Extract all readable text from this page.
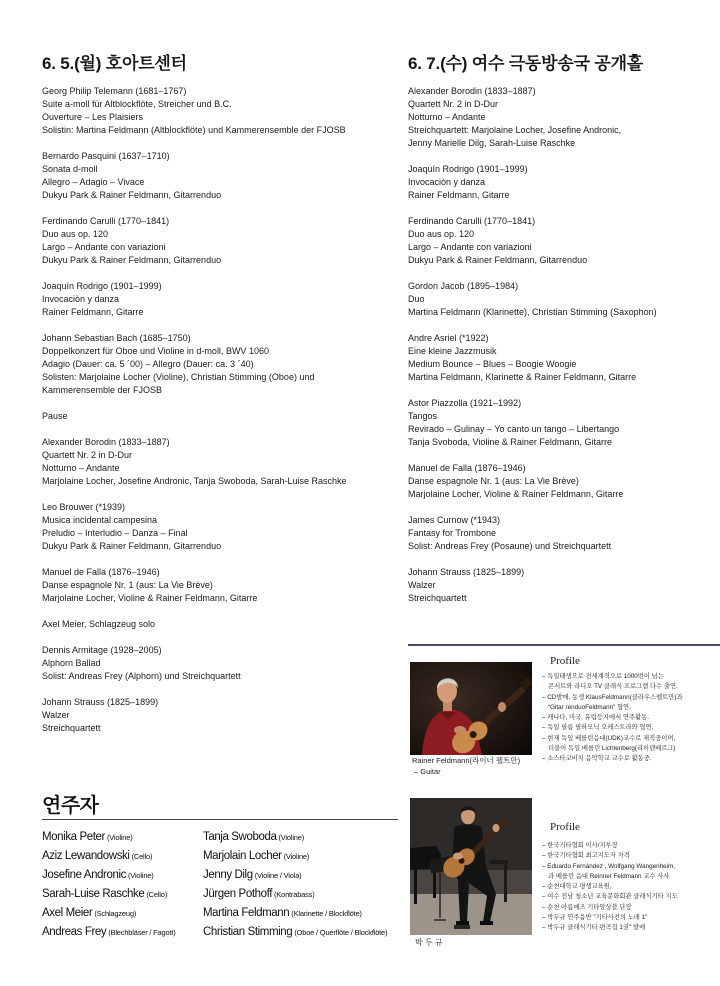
6. 5.(월) 호아트센터	6. 7.(수) 여수 극동방송국 공개홀
Georg Philip Telemann (1681–1767)
Suite a-moll für Altblockflöte, Streicher und B.C.
Ouverture – Les Plaisiers
Solistin: Martina Feldmann (Altblockflöte) und Kammerensemble der FJOSB
Bernardo Pasquini (1637–1710)
Sonata d-moll
Allegro – Adagio – Vivace
Dukyu Park & Rainer Feldmann, Gitarrenduo
Ferdinando Carulli (1770–1841)
Duo aus op. 120
Largo – Andante con variazioni
Dukyu Park & Rainer Feldmann, Gitarrenduo
Joaquín Rodrigo (1901–1999)
Invocaciòn y danza
Rainer Feldmann, Gitarre
Johann Sebastian Bach (1685–1750)
Doppelkonzert für Oboe und Violine in d-moll, BWV 1060
Adagio (Dauer: ca. 5 ´00) – Allegro (Dauer: ca. 3 ´40)
Solisten: Marjolaine Locher (Violine), Christian Stimming (Oboe) und
Kammerensemble der FJOSB
Pause
Alexander Borodin (1833–1887)
Quartett Nr. 2 in D-Dur
Notturno – Andante
Marjolaine Locher, Josefine Andronic, Tanja Swoboda, Sarah-Luise Raschke
Leo Brouwer (*1939)
Musica incidental campesina
Preludio – Interludio – Danza – Final
Dukyu Park & Rainer Feldmann, Gitarrenduo
Manuel de Falla (1876–1946)
Danse espagnole Nr. 1 (aus: La Vie Brève)
Marjolaine Locher, Violine & Rainer Feldmann, Gitarre
Axel Meier, Schlagzeug solo
Dennis Armitage (1928–2005)
Alphorn Ballad
Solist: Andreas Frey (Alphorn) und Streichquartett
Johann Strauss (1825–1899)
Walzer
Streichquartett
Alexander Borodin (1833–1887)
Quartett Nr. 2 in D-Dur
Notturno – Andante
Streichquartett: Marjolaine Locher, Josefine Andronic,
Jenny Marielle Dilg, Sarah-Luise Raschke
Joaquín Rodrigo (1901–1999)
Invocaciòn y danza
Rainer Feldmann, Gitarre
Ferdinando Carulli (1770–1841)
Duo aus op. 120
Largo – Andante con variazioni
Dukyu Park & Rainer Feldmann, Gitarrenduo
Gordon Jacob (1895–1984)
Duo
Martina Feldmann (Klarinette), Christian Stimming (Saxophon)
Andre Asriel (*1922)
Eine kleine Jazzmusik
Medium Bounce – Blues – Boogie Woogie
Martina Feldmann, Klarinette & Rainer Feldmann, Gitarre
Astor Piazzolla (1921–1992)
Tangos
Revirado – Gulinay – Yo canto un tango – Libertango
Tanja Svoboda, Violine & Rainer Feldmann, Gitarre
Manuel de Falla (1876–1946)
Danse espagnole Nr. 1 (aus: La Vie Brève)
Marjolaine Locher, Violine & Rainer Feldmann, Gitarre
James Curnow (*1943)
Fantasy for Trombone
Solist: Andreas Frey (Posaune) und Streichquartett
Johann Strauss (1825–1899)
Walzer
Streichquartett
Rainer Feldmann(라이너 펠트만)
– Guitar
Profile
– 독일태생으로 전세계적으로 1000번이 넘는
콘서트와 라디오 TV 클래식 프로그램 다수 출연.
– CD발매, 동생 KlausFeldmann(클라우스펠트만)과
“Gitar renduoFeldmann” 협연.
– 캐나다, 미국, 유럽등지에서 연주활동.
– 독일 필름 필하모닉 오케스트라와 협연.
– 현재 독일 베를린음대(UDK)교수로 재직중이며,
더불어 독일 베를린 Lichtenberg(리히텐베르그)
– 소스타코비치 음악학교 교수로 활동중.
박 두 규
Profile
– 한국기타협회 이사/지부장
– 한국기타협회 최고지도자 자격
– Eduardo Fernández , Wolfgang Wangenheim,
과 베를린 음대 Reinner Feldmann 교수 사사
– 순천대학교 평생교육원,
– 여수 전남 청소년 교육문화회관 클래식기타 지도
– 순천 아름메즈 기타앙상블 단장
– 박두규 연주음반 "기타사전의 노래 1"
– 박두규 클래식기타 편곡집 1권" 발매
연주자
Monika Peter (Violine)
Aziz Lewandowski (Cello)
Josefine Andronic (Violine)
Sarah-Luise Raschke (Cello)
Axel Meier (Schlagzeug)
Andreas Frey (Blechbläser / Fagott)
Tanja Swoboda (Violine)
Marjolain Locher (Violine)
Jenny Dilg (Violine / Viola)
Jürgen Pothoff (Kontrabass)
Martina Feldmann (Klarinette / Blockflöte)
Christian Stimming (Oboe / Querflöte / Blockflöte)
